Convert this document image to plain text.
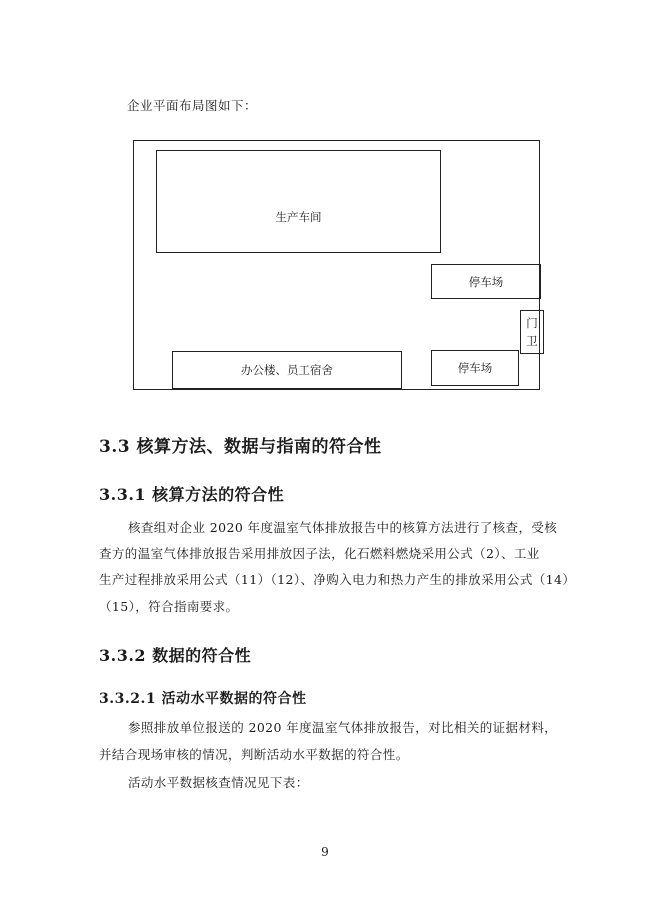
企业平面布局图如下：
生产车间
停车场
门
卫
办公楼、员工宿舍	停车场
3.3 核算方法、数据与指南的符合性
3.3.1 核算方法的符合性
核查组对企业 2020 年度温室气体排放报告中的核算方法进行了核查，受核
查方的温室气体排放报告采用排放因子法，化石燃料燃烧采用公式（2）、工业
生产过程排放采用公式（11）（12）、净购入电力和热力产生的排放采用公式（14）
（15），符合指南要求。
3.3.2 数据的符合性
3.3.2.1 活动水平数据的符合性
参照排放单位报送的 2020 年度温室气体排放报告，对比相关的证据材料，
并结合现场审核的情况，判断活动水平数据的符合性。
活动水平数据核查情况见下表：
9
